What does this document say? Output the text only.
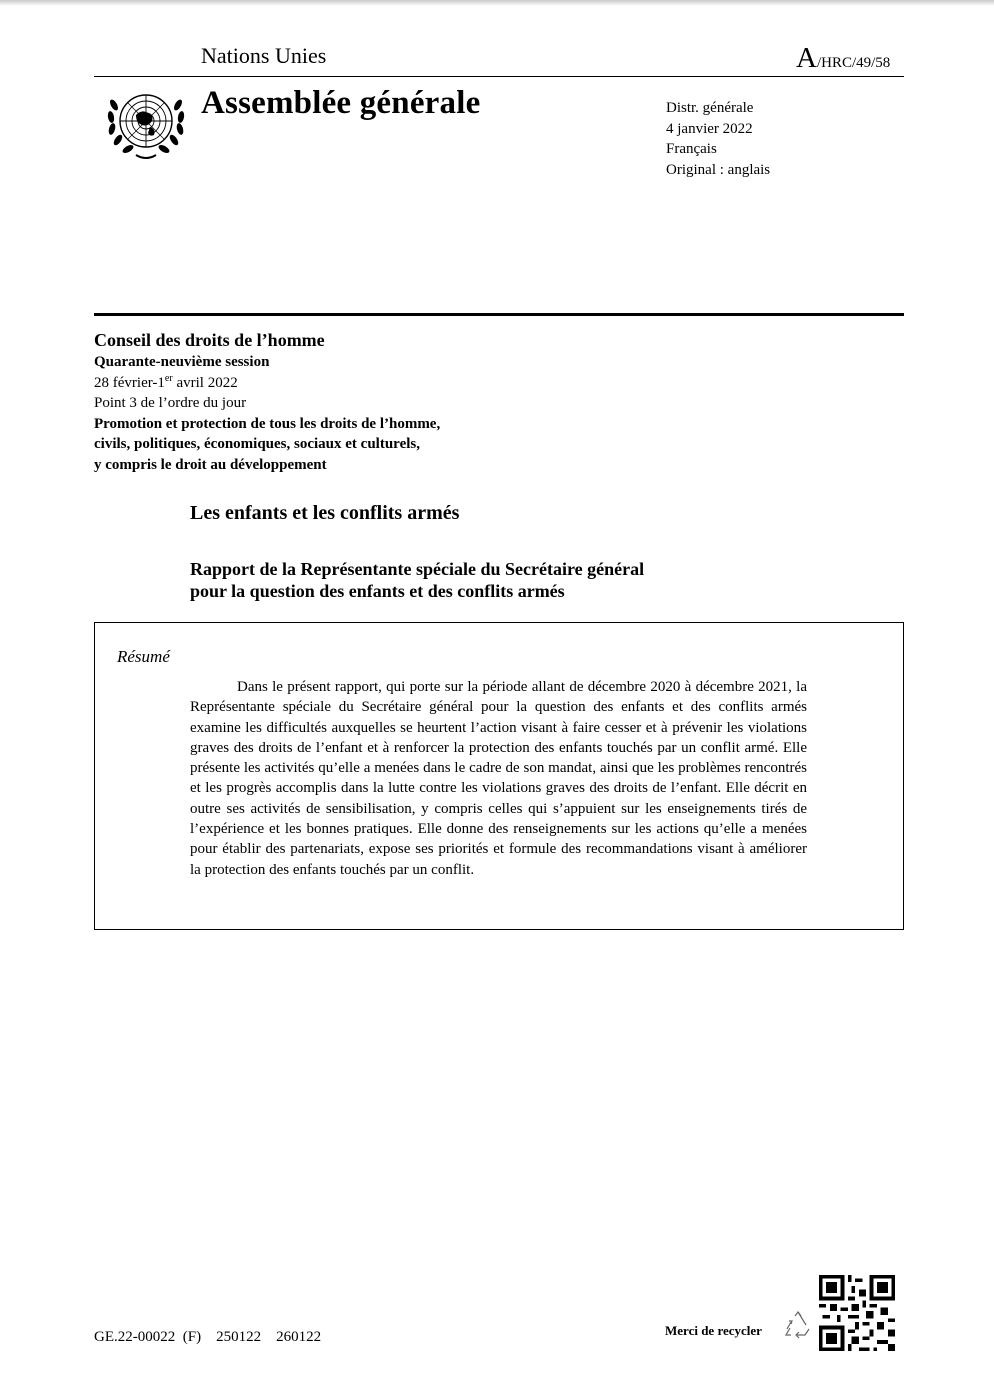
Nations Unies	A/HRC/49/58
Assemblée générale	Distr. générale
4 janvier 2022
Français
Original : anglais
Conseil des droits de l’homme
Quarante-neuvième session
28 février-1er avril 2022
Point 3 de l’ordre du jour
Promotion et protection de tous les droits de l’homme,
civils, politiques, économiques, sociaux et culturels,
y compris le droit au développement
Les enfants et les conflits armés
Rapport de la Représentante spéciale du Secrétaire général
pour la question des enfants et des conflits armés
Résumé

Dans le présent rapport, qui porte sur la période allant de décembre 2020 à décembre 2021, la Représentante spéciale du Secrétaire général pour la question des enfants et des conflits armés examine les difficultés auxquelles se heurtent l’action visant à faire cesser et à prévenir les violations graves des droits de l’enfant et à renforcer la protection des enfants touchés par un conflit armé. Elle présente les activités qu’elle a menées dans le cadre de son mandat, ainsi que les problèmes rencontrés et les progrès accomplis dans la lutte contre les violations graves des droits de l’enfant. Elle décrit en outre ses activités de sensibilisation, y compris celles qui s’appuient sur les enseignements tirés de l’expérience et les bonnes pratiques. Elle donne des renseignements sur les actions qu’elle a menées pour établir des partenariats, expose ses priorités et formule des recommandations visant à améliorer la protection des enfants touchés par un conflit.

GE.22-00022  (F)    250122    260122	Merci de recycler
